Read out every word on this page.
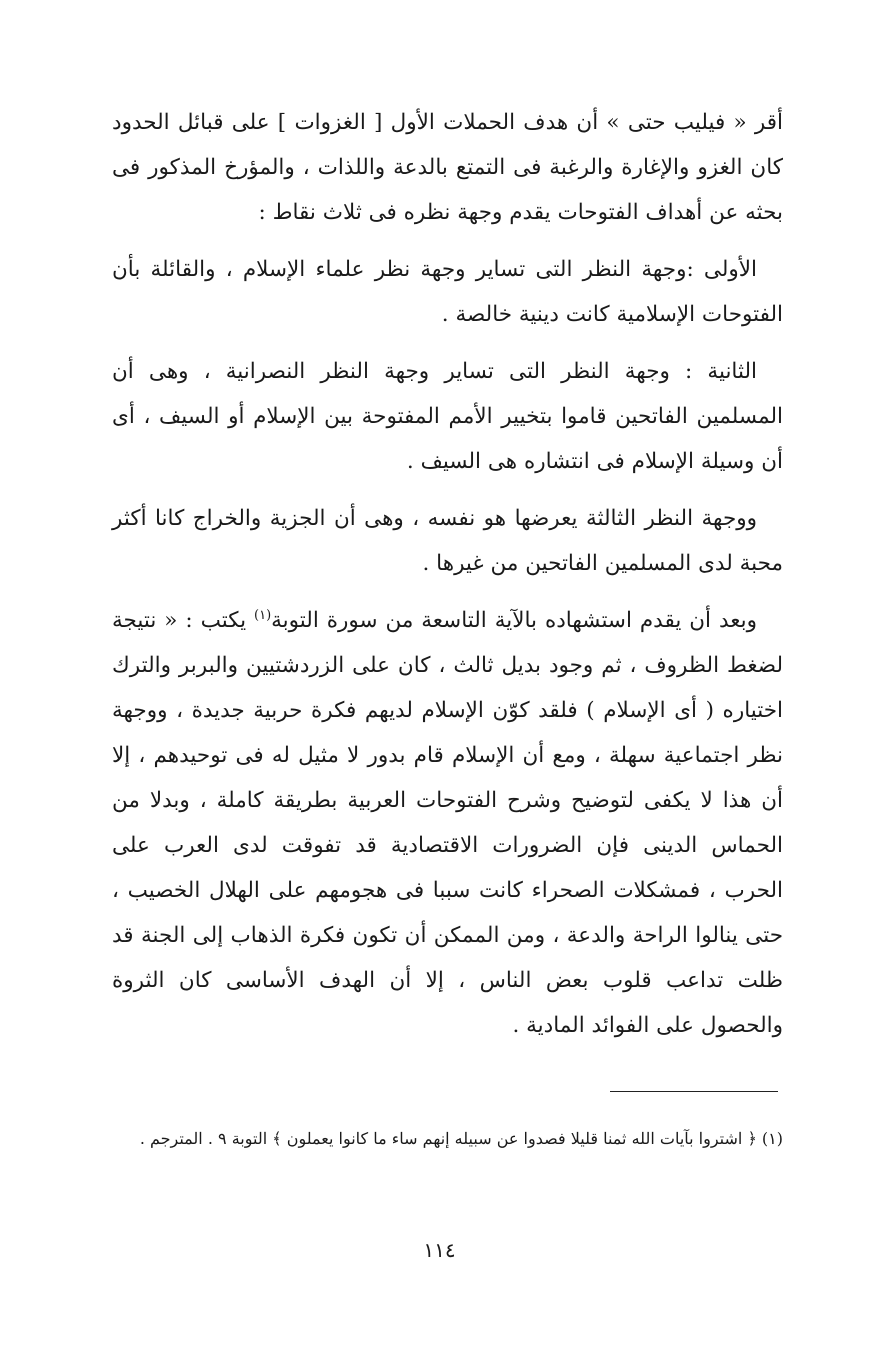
أقر « فيليب حتى » أن هدف الحملات الأول [ الغزوات ] على قبائل الحدود كان الغزو والإغارة والرغبة فى التمتع بالدعة واللذات ، والمؤرخ المذكور فى بحثه عن أهداف الفتوحات يقدم وجهة نظره فى ثلاث نقاط :

الأولى :وجهة النظر التى تساير وجهة نظر علماء الإسلام ، والقائلة بأن الفتوحات الإسلامية كانت دينية خالصة .

الثانية : وجهة النظر التى تساير وجهة النظر النصرانية ، وهى أن المسلمين الفاتحين قاموا بتخيير الأمم المفتوحة بين الإسلام أو السيف ، أى أن وسيلة الإسلام فى انتشاره هى السيف .

ووجهة النظر الثالثة يعرضها هو نفسه ، وهى أن الجزية والخراج كانا أكثر محبة لدى المسلمين الفاتحين من غيرها .

وبعد أن يقدم استشهاده بالآية التاسعة من سورة التوبة$^{(١)}$ يكتب : « نتيجة لضغط الظروف ، ثم وجود بديل ثالث ، كان على الزردشتيين والبربر والترك اختياره ( أى الإسلام ) فلقد كوّن الإسلام لديهم فكرة حربية جديدة ، ووجهة نظر اجتماعية سهلة ، ومع أن الإسلام قام بدور لا مثيل له فى توحيدهم ، إلا أن هذا لا يكفى لتوضيح وشرح الفتوحات العربية بطريقة كاملة ، وبدلا من الحماس الدينى فإن الضرورات الاقتصادية قد تفوقت لدى العرب على الحرب ، فمشكلات الصحراء كانت سببا فى هجومهم على الهلال الخصيب ، حتى ينالوا الراحة والدعة ، ومن الممكن أن تكون فكرة الذهاب إلى الجنة قد ظلت تداعب قلوب بعض الناس ، إلا أن الهدف الأساسى كان الثروة والحصول على الفوائد المادية .

(١) ﴿ اشتروا بآيات الله ثمنا قليلا فصدوا عن سبيله إنهم ساء ما كانوا يعملون ﴾ التوبة ٩ . المترجم .
١١٤
